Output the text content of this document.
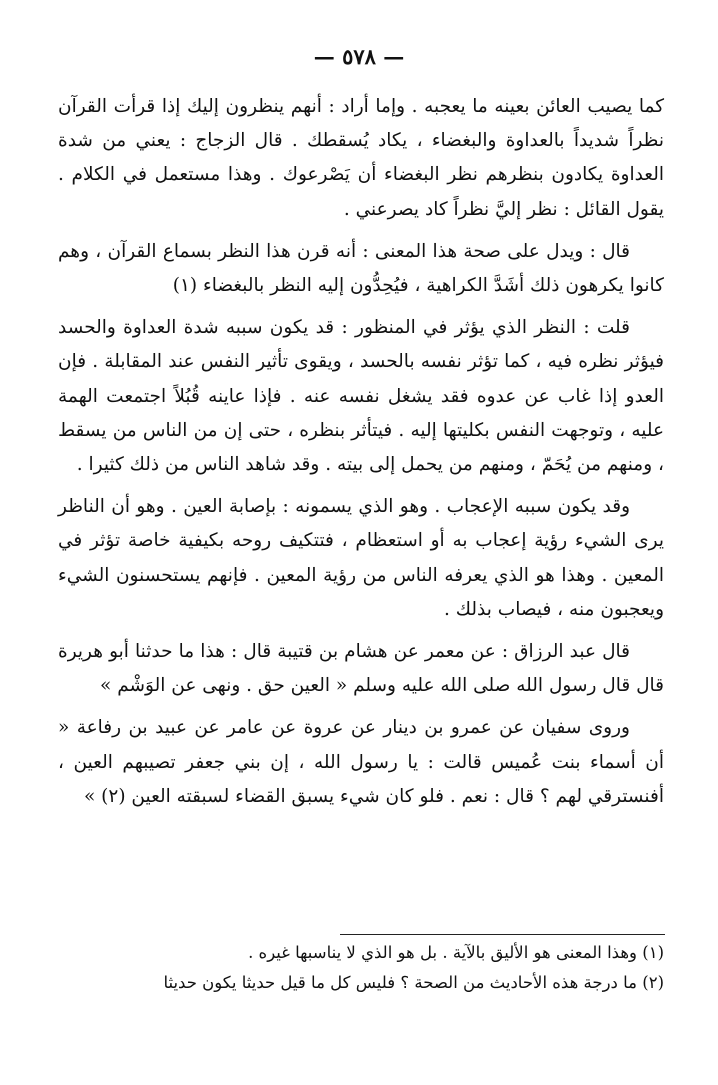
— ٥٧٨ —

كما يصيب العائن بعينه ما يعجبه . وإما أراد : أنهم ينظرون إليك إذا قرأت القرآن نظراً شديداً بالعداوة والبغضاء ، يكاد يُسقطك . قال الزجاج : يعني من شدة العداوة يكادون بنظرهم نظر البغضاء أن يَصْرعوك . وهذا مستعمل في الكلام . يقول القائل : نظر إليَّ نظراً كاد يصرعني .

قال : ويدل على صحة هذا المعنى : أنه قرن هذا النظر بسماع القرآن ، وهم كانوا يكرهون ذلك أشَدَّ الكراهية ، فيُحِدُّون إليه النظر بالبغضاء (١)

قلت : النظر الذي يؤثر في المنظور : قد يكون سببه شدة العداوة والحسد فيؤثر نظره فيه ، كما تؤثر نفسه بالحسد ، ويقوى تأثير النفس عند المقابلة . فإن العدو إذا غاب عن عدوه فقد يشغل نفسه عنه . فإذا عاينه قُبُلاً اجتمعت الهمة عليه ، وتوجهت النفس بكليتها إليه . فيتأثر بنظره ، حتى إن من الناس من يسقط ، ومنهم من يُحَمّ ، ومنهم من يحمل إلى بيته . وقد شاهد الناس من ذلك كثيرا .

وقد يكون سببه الإعجاب . وهو الذي يسمونه : بإصابة العين . وهو أن الناظر يرى الشيء رؤية إعجاب به أو استعظام ، فتتكيف روحه بكيفية خاصة تؤثر في المعين . وهذا هو الذي يعرفه الناس من رؤية المعين . فإنهم يستحسنون الشيء ويعجبون منه ، فيصاب بذلك .

قال عبد الرزاق : عن معمر عن هشام بن قتيبة قال : هذا ما حدثنا أبو هريرة قال قال رسول الله صلى الله عليه وسلم « العين حق . ونهى عن الوَشْم »

وروى سفيان عن عمرو بن دينار عن عروة عن عامر عن عبيد بن رفاعة « أن أسماء بنت عُميس قالت : يا رسول الله ، إن بني جعفر تصيبهم العين ، أفنسترقي لهم ؟ قال : نعم . فلو كان شيء يسبق القضاء لسبقته العين (٢) »

(١) وهذا المعنى هو الأليق بالآية . بل هو الذي لا يناسبها غيره .

(٢) ما درجة هذه الأحاديث من الصحة ؟ فليس كل ما قيل حديثا يكون حديثا
